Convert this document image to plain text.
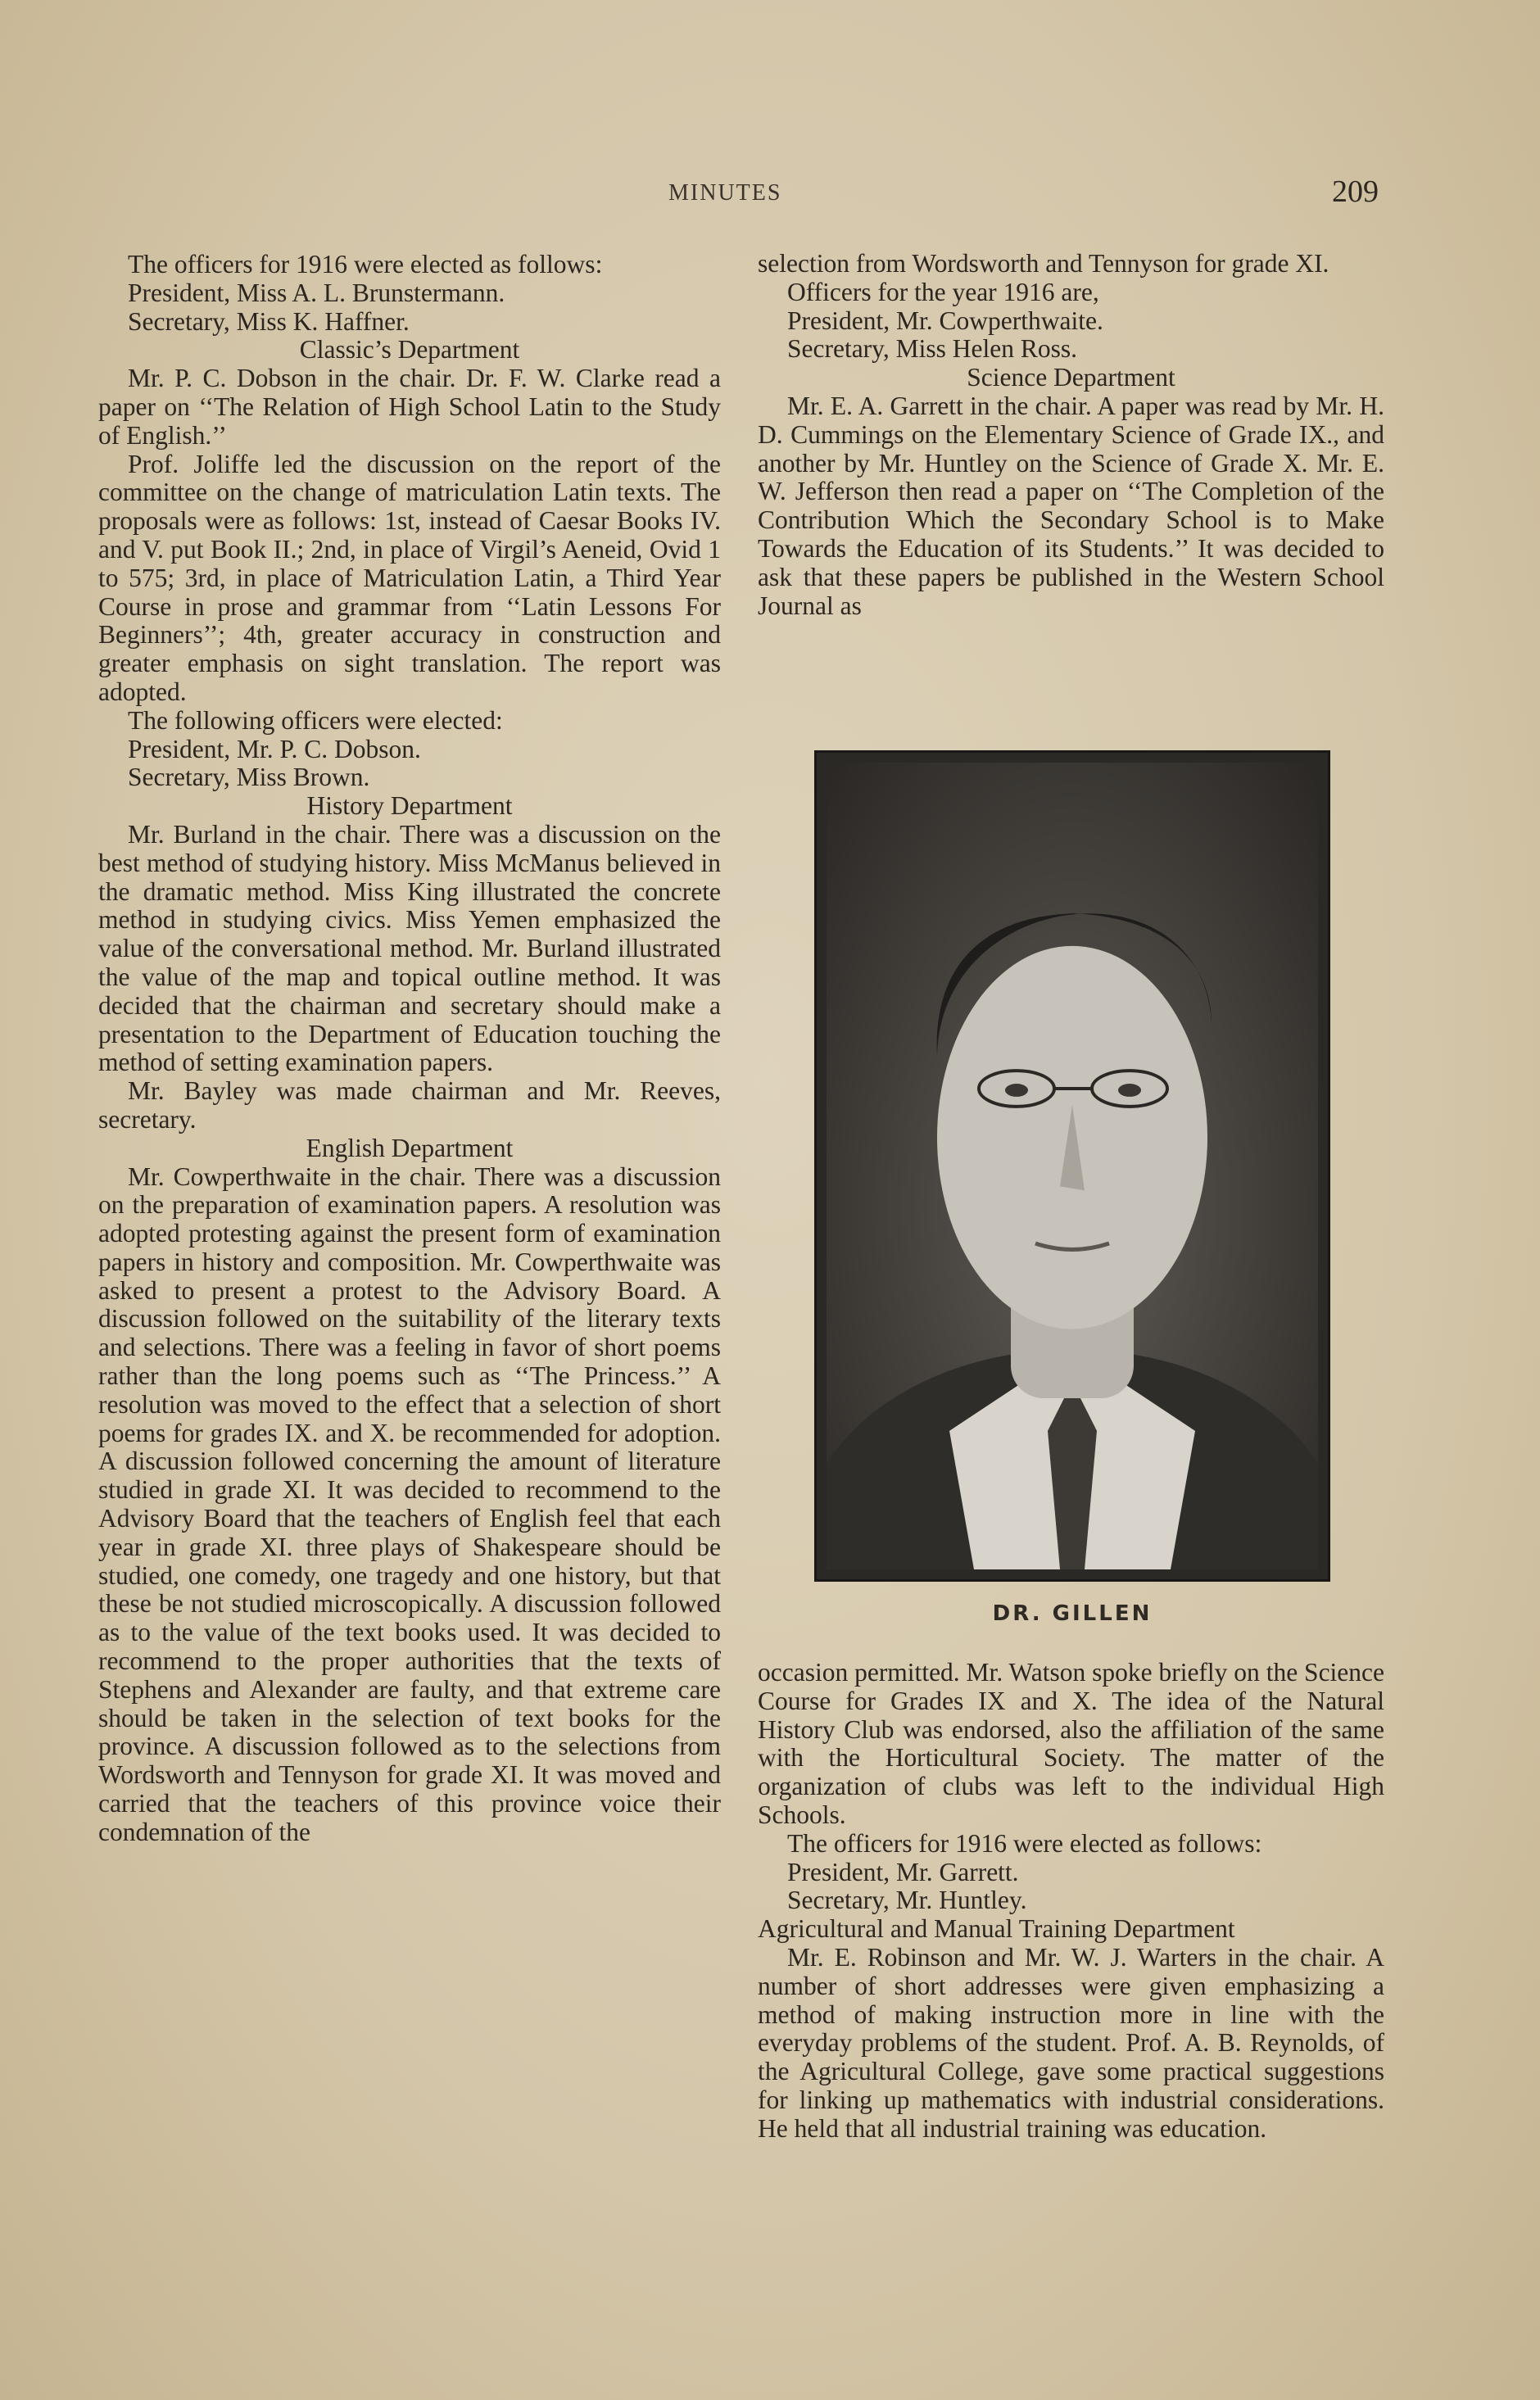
MINUTES	209

The officers for 1916 were elected as follows:

President, Miss A. L. Brunstermann.

Secretary, Miss K. Haffner.

Classic’s Department

Mr. P. C. Dobson in the chair. Dr. F. W. Clarke read a paper on ‘‘The Relation of High School Latin to the Study of English.’’

Prof. Joliffe led the discussion on the report of the committee on the change of matriculation Latin texts. The proposals were as follows: 1st, instead of Caesar Books IV. and V. put Book II.; 2nd, in place of Virgil’s Aeneid, Ovid 1 to 575; 3rd, in place of Matriculation Latin, a Third Year Course in prose and grammar from ‘‘Latin Lessons For Beginners’’; 4th, greater accuracy in construction and greater emphasis on sight translation. The report was adopted.

The following officers were elected:

President, Mr. P. C. Dobson.

Secretary, Miss Brown.

History Department

Mr. Burland in the chair. There was a discussion on the best method of studying history. Miss McManus believed in the dramatic method. Miss King illustrated the concrete method in studying civics. Miss Yemen emphasized the value of the conversational method. Mr. Burland illustrated the value of the map and topical outline method. It was decided that the chairman and secretary should make a presentation to the Department of Education touching the method of setting examination papers.

Mr. Bayley was made chairman and Mr. Reeves, secretary.

English Department

Mr. Cowperthwaite in the chair. There was a discussion on the preparation of examination papers. A resolution was adopted protesting against the present form of examination papers in history and composition. Mr. Cowperthwaite was asked to present a protest to the Advisory Board. A discussion followed on the suitability of the literary texts and selections. There was a feeling in favor of short poems rather than the long poems such as ‘‘The Princess.’’ A resolution was moved to the effect that a selection of short poems for grades IX. and X. be recommended for adoption. A discussion followed concerning the amount of literature studied in grade XI. It was decided to recommend to the Advisory Board that the teachers of English feel that each year in grade XI. three plays of Shakespeare should be studied, one comedy, one tragedy and one history, but that these be not studied microscopically. A discussion followed as to the value of the text books used. It was decided to recommend to the proper authorities that the texts of Stephens and Alexander are faulty, and that extreme care should be taken in the selection of text books for the province. A discussion followed as to the selections from Wordsworth and Tennyson for grade XI. It was moved and carried that the teachers of this province voice their condemnation of the

selection from Wordsworth and Tennyson for grade XI.

Officers for the year 1916 are,

President, Mr. Cowperthwaite.

Secretary, Miss Helen Ross.

Science Department

Mr. E. A. Garrett in the chair. A paper was read by Mr. H. D. Cummings on the Elementary Science of Grade IX., and another by Mr. Huntley on the Science of Grade X. Mr. E. W. Jefferson then read a paper on ‘‘The Completion of the Contribution Which the Secondary School is to Make Towards the Education of its Students.’’ It was decided to ask that these papers be published in the Western School Journal as

DR. GILLEN

occasion permitted. Mr. Watson spoke briefly on the Science Course for Grades IX and X. The idea of the Natural History Club was endorsed, also the affiliation of the same with the Horticultural Society. The matter of the organization of clubs was left to the individual High Schools.

The officers for 1916 were elected as follows:

President, Mr. Garrett.

Secretary, Mr. Huntley.

Agricultural and Manual Training Department

Mr. E. Robinson and Mr. W. J. Warters in the chair. A number of short addresses were given emphasizing a method of making instruction more in line with the everyday problems of the student. Prof. A. B. Reynolds, of the Agricultural College, gave some practical suggestions for linking up mathematics with industrial considerations. He held that all industrial training was education.
